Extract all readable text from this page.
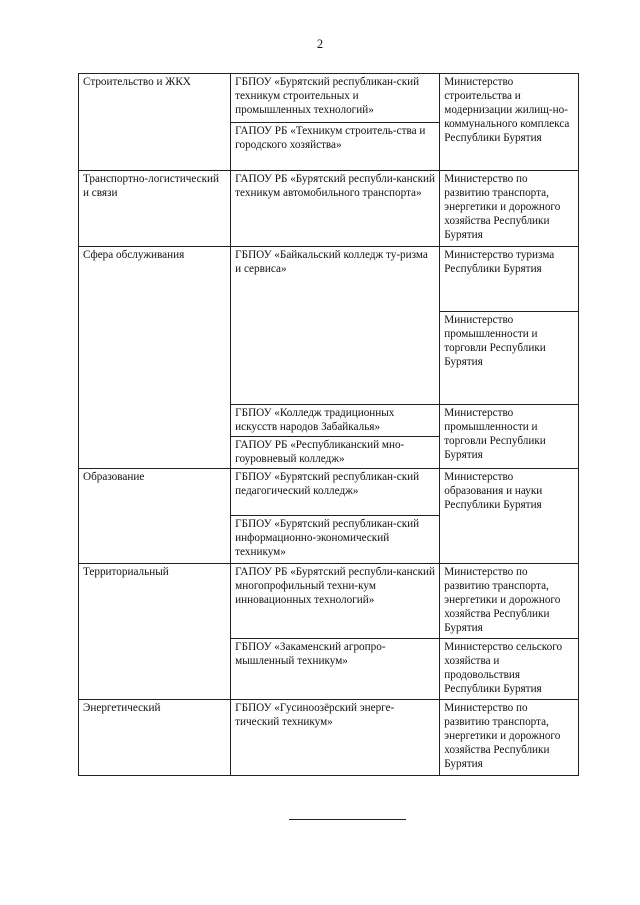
2
Строительство и ЖКХ	ГБПОУ «Бурятский республикан-ский техникум строительных и промышленных технологий»	Министерство строительства и модернизации жилищ-но-коммунального комплекса Республики Бурятия
	ГАПОУ РБ «Техникум строитель-ства и городского хозяйства»	
Транспортно-логистический и связи	ГАПОУ РБ «Бурятский республи-канский техникум автомобильного транспорта»	Министерство по развитию транспорта, энергетики и дорожного хозяйства Республики Бурятия
Сфера обслуживания	ГБПОУ «Байкальский колледж ту-ризма и сервиса»	Министерство туризма Республики Бурятия
		Министерство промышленности и торговли Республики Бурятия
	ГБПОУ «Колледж традиционных искусств народов Забайкалья»	Министерство промышленности и торговли Республики Бурятия
	ГАПОУ РБ «Республиканский мно-гоуровневый колледж»	
Образование	ГБПОУ «Бурятский республикан-ский педагогический колледж»	Министерство образования и науки Республики Бурятия
	ГБПОУ «Бурятский республикан-ский информационно-экономический техникум»	
Территориальный	ГАПОУ РБ «Бурятский республи-канский многопрофильный техни-кум инновационных технологий»	Министерство по развитию транспорта, энергетики и дорожного хозяйства Республики Бурятия
	ГБПОУ «Закаменский агропро-мышленный техникум»	Министерство сельского хозяйства и продовольствия Республики Бурятия
Энергетический	ГБПОУ «Гусиноозёрский энерге-тический техникум»	Министерство по развитию транспорта, энергетики и дорожного хозяйства Республики Бурятия
